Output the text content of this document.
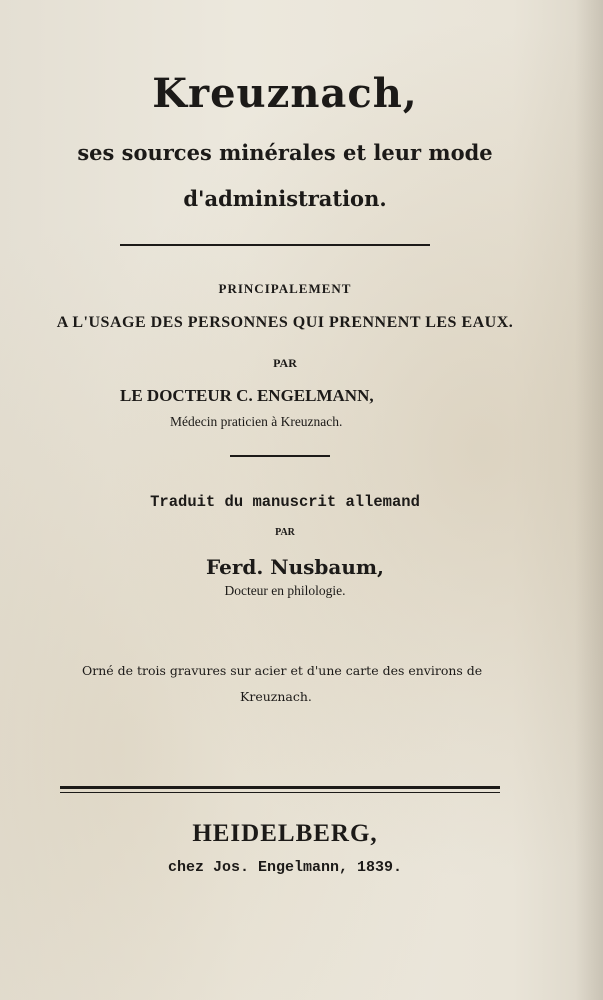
Kreuznach,
ses sources minérales et leur mode
d'administration.
PRINCIPALEMENT
A L'USAGE DES PERSONNES QUI PRENNENT LES EAUX.
PAR
LE DOCTEUR C. ENGELMANN,
Médecin praticien à Kreuznach.
Traduit du manuscrit allemand
PAR
Ferd. Nusbaum,
Docteur en philologie.
Orné de trois gravures sur acier et d'une carte des environs de
Kreuznach.
HEIDELBERG,
chez Jos. Engelmann, 1839.
